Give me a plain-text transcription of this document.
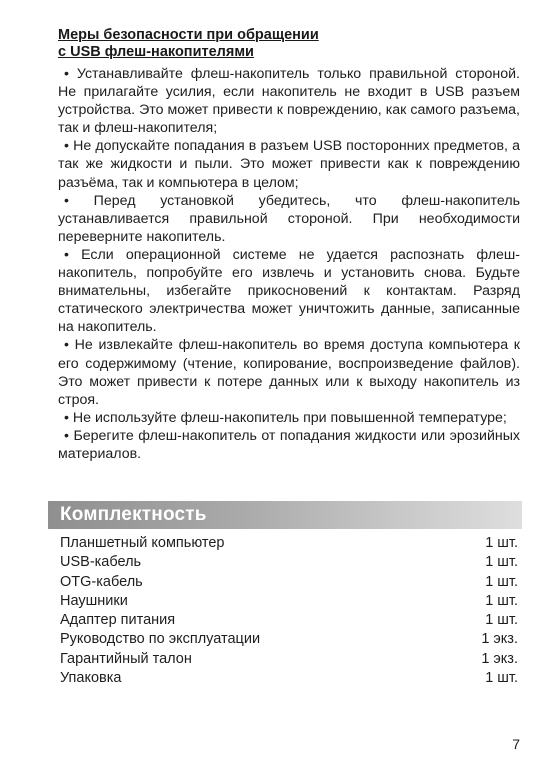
Меры безопасности при обращении
с USB флеш-накопителями

• Устанавливайте флеш-накопитель только правильной стороной. Не прилагайте усилия, если накопитель не входит в USB разъем устройства. Это может привести к повреждению, как самого разъема, так и флеш-накопителя;

• Не допускайте попадания в разъем USB посторонних предметов, а так же жидкости и пыли. Это может привести как к повреждению разъёма, так и компьютера в целом;

• Перед установкой убедитесь, что флеш-накопитель устанавливается правильной стороной. При необходимости переверните накопитель.

• Если операционной системе не удается распознать флеш-накопитель, попробуйте его извлечь и установить снова. Будьте внимательны, избегайте прикосновений к контактам. Разряд статического электричества может уничтожить данные, записанные на накопитель.

• Не извлекайте флеш-накопитель во время доступа компьютера к его содержимому (чтение, копирование, воспроизведение файлов). Это может привести к потере данных или к выходу накопитель из строя.

• Не используйте флеш-накопитель при повышенной температуре;

• Берегите флеш-накопитель от попадания жидкости или эрозийных материалов.

Комплектность
Планшетный компьютер	1 шт.
USB-кабель	1 шт.
OTG-кабель	1 шт.
Наушники	1 шт.
Адаптер питания	1 шт.
Руководство по эксплуатации	1 экз.
Гарантийный талон	1 экз.
Упаковка	1 шт.
7
